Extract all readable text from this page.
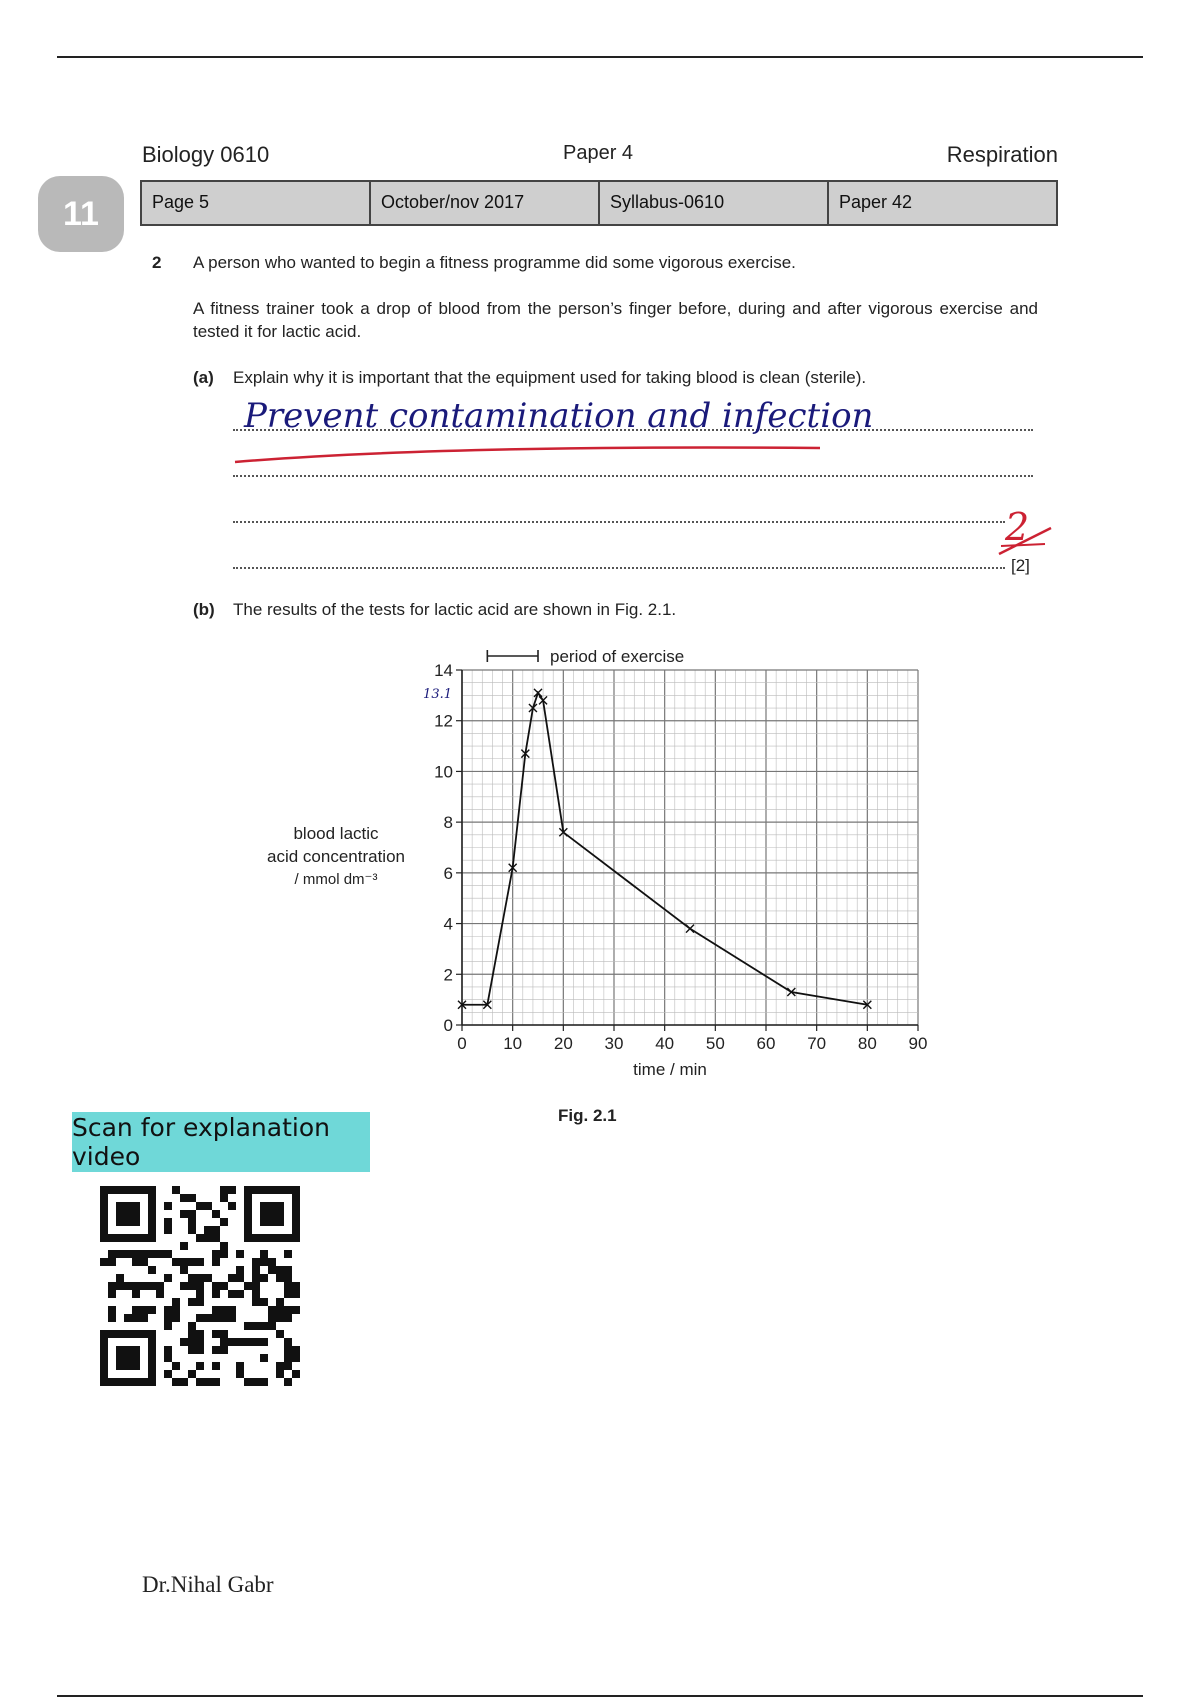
Biology 0610	Paper 4	Respiration
11	Page 5	October/nov 2017	Syllabus-0610	Paper 42
2 A person who wanted to begin a fitness programme did some vigorous exercise.
A fitness trainer took a drop of blood from the person’s finger before, during and after vigorous exercise and tested it for lactic acid.
(a) Explain why it is important that the equipment used for taking blood is clean (sterile).
Prevent contamination and infection
2
[2]
(b) The results of the tests for lactic acid are shown in Fig. 2.1.
blood lactic
acid concentration
/ mmol dm⁻³
0 10 20 30 40 50 60 70 80 90
0
2
4
6
8
10
12
14
time / min
period of exercise
13.1
Fig. 2.1
Scan for explanation video
Dr.Nihal Gabr
